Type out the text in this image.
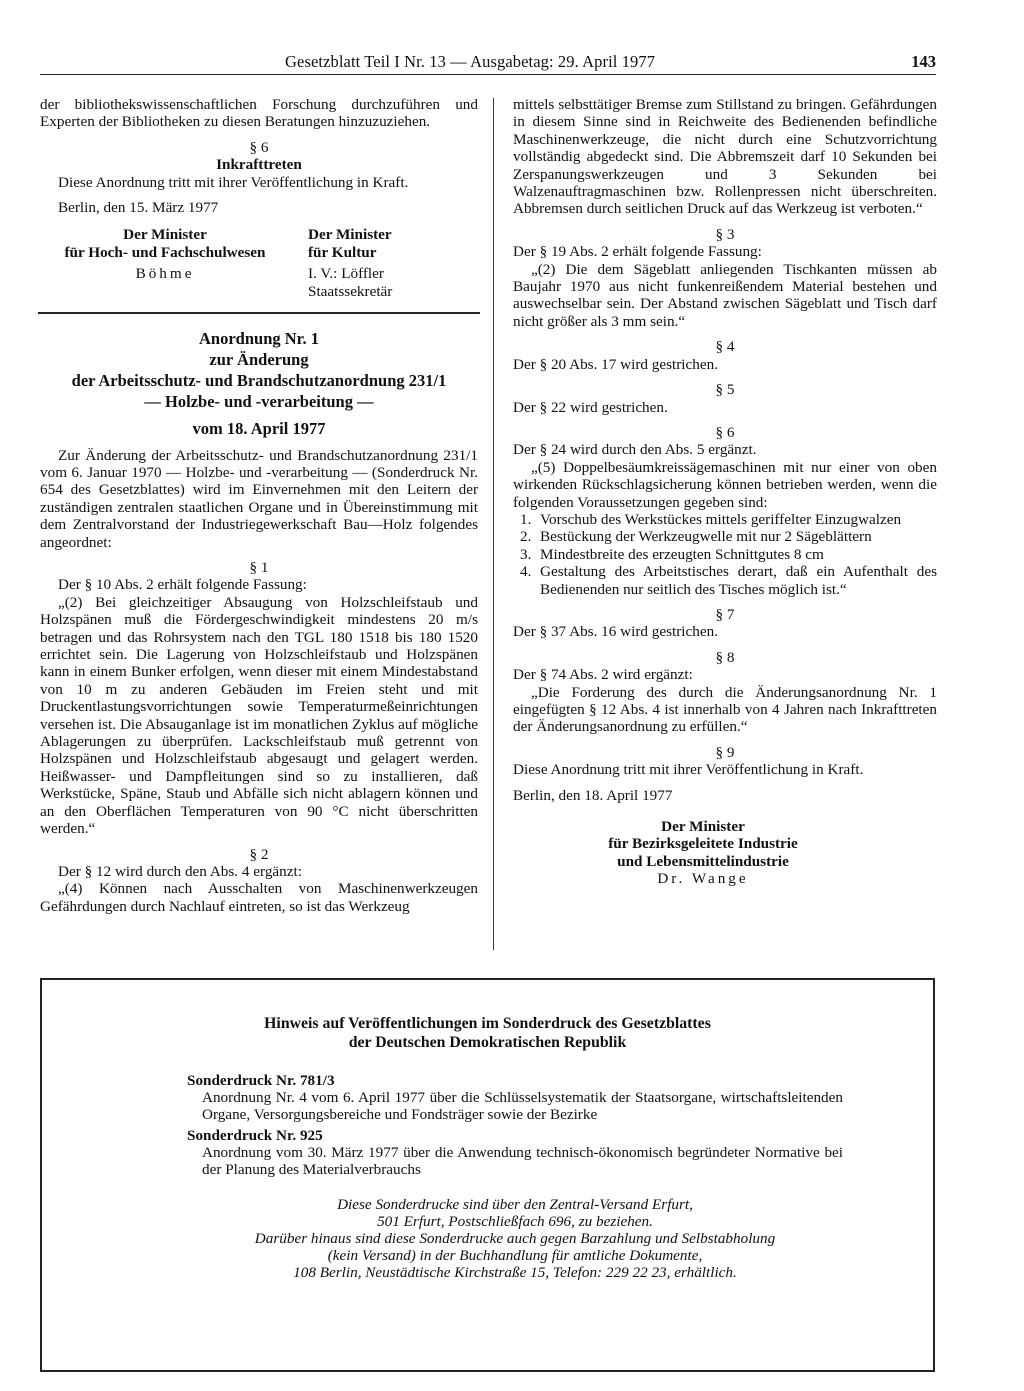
Gesetzblatt Teil I Nr. 13 — Ausgabetag: 29. April 1977	143

der bibliothekswissenschaftlichen Forschung durchzuführen und Experten der Bibliotheken zu diesen Beratungen hinzuzuziehen.

§ 6

Inkrafttreten

Diese Anordnung tritt mit ihrer Veröffentlichung in Kraft.

Berlin, den 15. März 1977

Der Minister

für Hoch- und Fachschulwesen

Böhme

Der Minister

für Kultur

I. V.: Löffler

Staatssekretär

Anordnung Nr. 1
zur Änderung
der Arbeitsschutz- und Brandschutzanordnung 231/1
— Holzbe- und -verarbeitung —
vom 18. April 1977

Zur Änderung der Arbeitsschutz- und Brandschutzanordnung 231/1 vom 6. Januar 1970 — Holzbe- und -verarbeitung — (Sonderdruck Nr. 654 des Gesetzblattes) wird im Einvernehmen mit den Leitern der zuständigen zentralen staatlichen Organe und in Übereinstimmung mit dem Zentralvorstand der Industriegewerkschaft Bau—Holz folgendes angeordnet:

§ 1

Der § 10 Abs. 2 erhält folgende Fassung:

„(2) Bei gleichzeitiger Absaugung von Holzschleifstaub und Holzspänen muß die Fördergeschwindigkeit mindestens 20 m/s betragen und das Rohrsystem nach den TGL 180 1518 bis 180 1520 errichtet sein. Die Lagerung von Holzschleifstaub und Holzspänen kann in einem Bunker erfolgen, wenn dieser mit einem Mindestabstand von 10 m zu anderen Gebäuden im Freien steht und mit Druckentlastungsvorrichtungen sowie Temperaturmeßeinrichtungen versehen ist. Die Absauganlage ist im monatlichen Zyklus auf mögliche Ablagerungen zu überprüfen. Lackschleifstaub muß getrennt von Holzspänen und Holzschleifstaub abgesaugt und gelagert werden. Heißwasser- und Dampfleitungen sind so zu installieren, daß Werkstücke, Späne, Staub und Abfälle sich nicht ablagern können und an den Oberflächen Temperaturen von 90 °C nicht überschritten werden.“

§ 2

Der § 12 wird durch den Abs. 4 ergänzt:

„(4) Können nach Ausschalten von Maschinenwerkzeugen Gefährdungen durch Nachlauf eintreten, so ist das Werkzeug

mittels selbsttätiger Bremse zum Stillstand zu bringen. Gefährdungen in diesem Sinne sind in Reichweite des Bedienenden befindliche Maschinenwerkzeuge, die nicht durch eine Schutzvorrichtung vollständig abgedeckt sind. Die Abbremszeit darf 10 Sekunden bei Zerspanungswerkzeugen und 3 Sekunden bei Walzenauftragmaschinen bzw. Rollenpressen nicht überschreiten. Abbremsen durch seitlichen Druck auf das Werkzeug ist verboten.“

§ 3

Der § 19 Abs. 2 erhält folgende Fassung:

„(2) Die dem Sägeblatt anliegenden Tischkanten müssen ab Baujahr 1970 aus nicht funkenreißendem Material bestehen und auswechselbar sein. Der Abstand zwischen Sägeblatt und Tisch darf nicht größer als 3 mm sein.“

§ 4

Der § 20 Abs. 17 wird gestrichen.

§ 5

Der § 22 wird gestrichen.

§ 6

Der § 24 wird durch den Abs. 5 ergänzt.

„(5) Doppelbesäumkreissägemaschinen mit nur einer von oben wirkenden Rückschlagsicherung können betrieben werden, wenn die folgenden Voraussetzungen gegeben sind:

1. Vorschub des Werkstückes mittels geriffelter Einzugwalzen
2. Bestückung der Werkzeugwelle mit nur 2 Sägeblättern
3. Mindestbreite des erzeugten Schnittgutes 8 cm
4. Gestaltung des Arbeitstisches derart, daß ein Aufenthalt des Bedienenden nur seitlich des Tisches möglich ist.“

§ 7

Der § 37 Abs. 16 wird gestrichen.

§ 8

Der § 74 Abs. 2 wird ergänzt:

„Die Forderung des durch die Änderungsanordnung Nr. 1 eingefügten § 12 Abs. 4 ist innerhalb von 4 Jahren nach Inkrafttreten der Änderungsanordnung zu erfüllen.“

§ 9

Diese Anordnung tritt mit ihrer Veröffentlichung in Kraft.

Berlin, den 18. April 1977

Der Minister

für Bezirksgeleitete Industrie

und Lebensmittelindustrie

Dr. Wange

Hinweis auf Veröffentlichungen im Sonderdruck des Gesetzblattes
der Deutschen Demokratischen Republik

Sonderdruck Nr. 781/3

Anordnung Nr. 4 vom 6. April 1977 über die Schlüsselsystematik der Staatsorgane, wirtschaftsleitenden Organe, Versorgungsbereiche und Fondsträger sowie der Bezirke

Sonderdruck Nr. 925

Anordnung vom 30. März 1977 über die Anwendung technisch-ökonomisch begründeter Normative bei der Planung des Materialverbrauchs

Diese Sonderdrucke sind über den Zentral-Versand Erfurt,
501 Erfurt, Postschließfach 696, zu beziehen.
Darüber hinaus sind diese Sonderdrucke auch gegen Barzahlung und Selbstabholung
(kein Versand) in der Buchhandlung für amtliche Dokumente,
108 Berlin, Neustädtische Kirchstraße 15, Telefon: 229 22 23, erhältlich.
